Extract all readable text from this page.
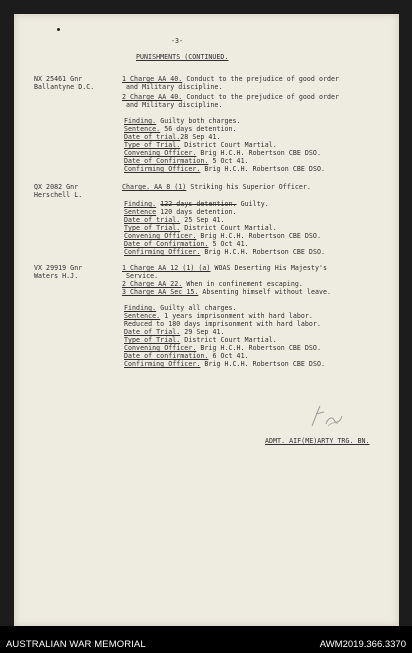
-3-
PUNISHMENTS (CONTINUED.
NX 25461 Gnr
Ballantyne D.C.
1 Charge AA 40. Conduct to the prejudice of good order
and Military discipline.
2 Charge AA 40. Conduct to the prejudice of good order
and Military discipline.
Finding. Guilty both charges.
Sentence. 56 days detention.
Date of trial.28 Sep 41.
Type of Trial. District Court Martial.
Convening Officer. Brig H.C.H. Robertson CBE DSO.
Date of Confirmation. 5 Oct 41.
Confirming Officer. Brig H.C.H. Robertson CBE DSO.
QX 2082 Gnr
Herschell L.
Charge. AA 8 (1) Striking his Superior Officer.
Finding. 122 days detention. Guilty.
Sentence 120 days detention.
Date of trial. 25 Sep 41.
Type of Trial. District Court Martial.
Convening Officer. Brig H.C.H. Robertson CBE DSO.
Date of Confirmation. 5 Oct 41.
Confirming Officer. Brig H.C.H. Robertson CBE DSO.
VX 29919 Gnr
Waters H.J.
1 Charge AA 12 (1) (a) WOAS Deserting His Majesty's
Service.
2 Charge AA 22. When in confinement escaping.
3 Charge AA Sec 15. Absenting himself without leave.
Finding. Guilty all charges.
Sentence. 1 years imprisonment with hard labor.
Reduced to 180 days imprisonment with hard labor.
Date of Trial. 29 Sep 41.
Type of Trial. District Court Martial.
Convening Officer. Brig H.C.H. Robertson CBE DSO.
Date of confirmation. 6 Oct 41.
Confirming Officer. Brig H.C.H. Robertson CBE DSO.
ADMT. AIF(ME)ARTY TRG. BN.
AUSTRALIAN WAR MEMORIAL	AWM2019.366.3370
